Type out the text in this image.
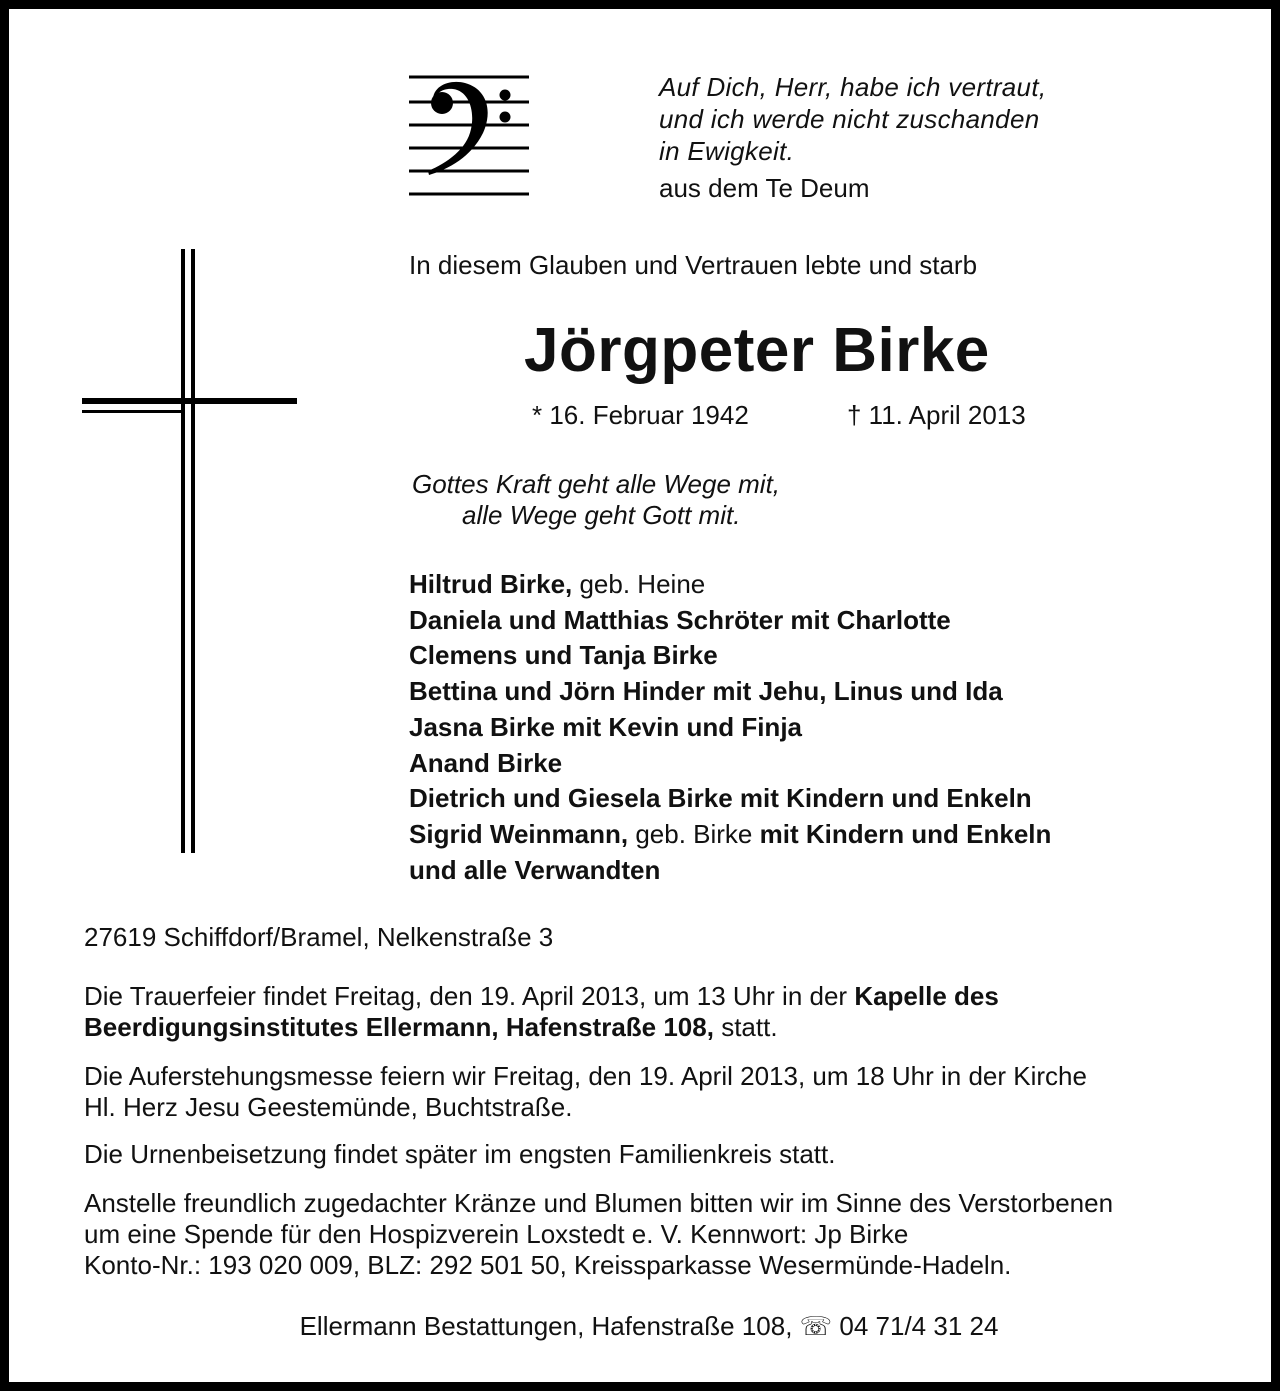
Auf Dich, Herr, habe ich vertraut,
und ich werde nicht zuschanden
in Ewigkeit.
aus dem Te Deum
In diesem Glauben und Vertrauen lebte und starb
Jörgpeter Birke
* 16. Februar 1942	† 11. April 2013
Gottes Kraft geht alle Wege mit,
alle Wege geht Gott mit.
Hiltrud Birke, geb. Heine
Daniela und Matthias Schröter mit Charlotte
Clemens und Tanja Birke
Bettina und Jörn Hinder mit Jehu, Linus und Ida
Jasna Birke mit Kevin und Finja
Anand Birke
Dietrich und Giesela Birke mit Kindern und Enkeln
Sigrid Weinmann, geb. Birke mit Kindern und Enkeln
und alle Verwandten
27619 Schiffdorf/Bramel, Nelkenstraße 3
Die Trauerfeier findet Freitag, den 19. April 2013, um 13 Uhr in der Kapelle des
Beerdigungsinstitutes Ellermann, Hafenstraße 108, statt.
Die Auferstehungsmesse feiern wir Freitag, den 19. April 2013, um 18 Uhr in der Kirche
Hl. Herz Jesu Geestemünde, Buchtstraße.
Die Urnenbeisetzung findet später im engsten Familienkreis statt.
Anstelle freundlich zugedachter Kränze und Blumen bitten wir im Sinne des Verstorbenen
um eine Spende für den Hospizverein Loxstedt e. V. Kennwort: Jp Birke
Konto-Nr.: 193 020 009, BLZ: 292 501 50, Kreissparkasse Wesermünde-Hadeln.
Ellermann Bestattungen, Hafenstraße 108, ☏ 04 71/4 31 24
